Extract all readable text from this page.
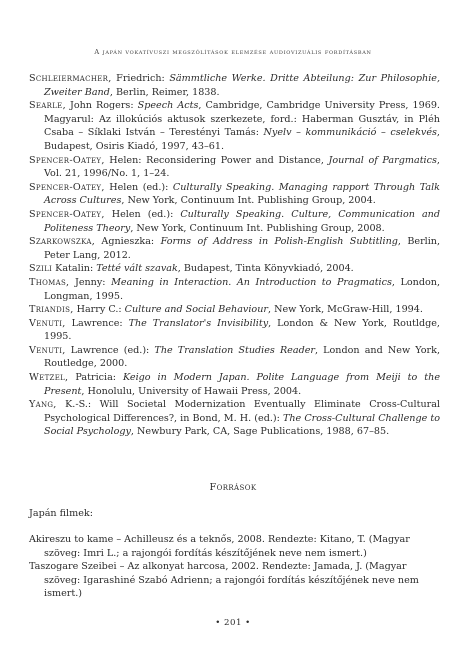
A japán vokatívuszi megszólítások elemzése audiovizuális fordításban

Schleiermacher, Friedrich: Sämmtliche Werke. Dritte Abteilung: Zur Philosophie, Zweiter Band, Berlin, Reimer, 1838.

Searle, John Rogers: Speech Acts, Cambridge, Cambridge University Press, 1969. Magyarul: Az illokúciós aktusok szerkezete, ford.: Haberman Gusztáv, in Pléh Csaba – Síklaki István – Terestényi Tamás: Nyelv – kommunikáció – cselekvés, Budapest, Osiris Kiadó, 1997, 43–61.

Spencer-Oatey, Helen: Reconsidering Power and Distance, Journal of Pargmatics, Vol. 21, 1996/No. 1, 1–24.

Spencer-Oatey, Helen (ed.): Culturally Speaking. Managing rapport Through Talk Across Cultures, New York, Continuum Int. Publishing Group, 2004.

Spencer-Oatey, Helen (ed.): Culturally Speaking. Culture, Communication and Politeness Theory, New York, Continuum Int. Publishing Group, 2008.

Szarkowszka, Agnieszka: Forms of Address in Polish-English Subtitling, Berlin, Peter Lang, 2012.

Szili Katalin: Tetté vált szavak, Budapest, Tinta Könyvkiadó, 2004.

Thomas, Jenny: Meaning in Interaction. An Introduction to Pragmatics, London, Longman, 1995.

Triandis, Harry C.: Culture and Social Behaviour, New York, McGraw-Hill, 1994.

Venuti, Lawrence: The Translator's Invisibility, London & New York, Routldge, 1995.

Venuti, Lawrence (ed.): The Translation Studies Reader, London and New York, Routledge, 2000.

Wetzel, Patricia: Keigo in Modern Japan. Polite Language from Meiji to the Present, Honolulu, University of Hawaii Press, 2004.

Yang, K.-S.: Will Societal Modernization Eventually Eliminate Cross-Cultural Psychological Differences?, in Bond, M. H. (ed.): The Cross-Cultural Challenge to Social Psychology, Newbury Park, CA, Sage Publications, 1988, 67–85.

Források

Japán filmek:

Akireszu to kame – Achilleusz és a teknős, 2008. Rendezte: Kitano, T. (Magyar szöveg: Imri L.; a rajongói fordítás készítőjének neve nem ismert.)

Taszogare Szeibei – Az alkonyat harcosa, 2002. Rendezte: Jamada, J. (Magyar szöveg: Igarashiné Szabó Adrienn; a rajongói fordítás készítőjének neve nem ismert.)

• 201 •
